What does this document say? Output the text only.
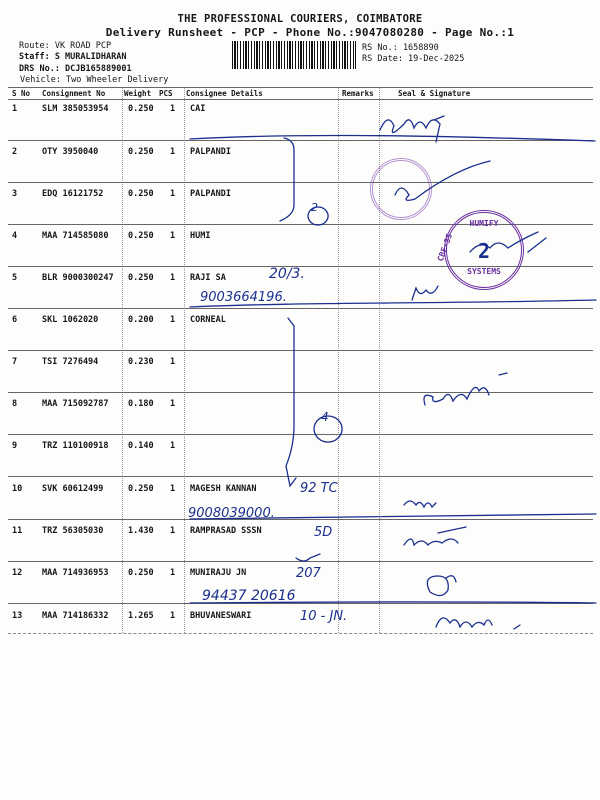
THE PROFESSIONAL COURIERS, COIMBATORE
Delivery Runsheet - PCP - Phone No.:9047080280 - Page No.:1
Route: VK ROAD PCP
Staff: S MURALIDHARAN
DRS No.: DCJB165889001
Vehicle: Two Wheeler Delivery
RS No.: 1658890
RS Date: 19-Dec-2025
S No Consignment No	Weight PCS Consignee Details	Remarks	Seal & Signature
1	SLM 385053954 0.250 1 CAI
2	OTY 3950040	0.250 1 PALPANDI
3	EDQ 16121752	0.250 1 PALPANDI
4	MAA 714585080 0.250 1 HUMI
5	BLR 9000300247 0.250 1 RAJI SA
6	SKL 1062020	0.200 1 CORNEAL
7	TSI 7276494	0.230 1
8	MAA 715092787 0.180 1
9	TRZ 110100918 0.140 1
10 SVK 60612499	0.250 1 MAGESH KANNAN
11 TRZ 56305030	1.430 1 RAMPRASAD SSSN
12 MAA 714936953 0.250 1 MUNIRAJU JN
13 MAA 714186332 1.265 1 BHUVANESWARI
HUMIFY
2
SYSTEMS
CBE-35
20/3.
9003664196.
2
4
92 TC
9008039000.
5D
207
94437 20616
10 - JN.
